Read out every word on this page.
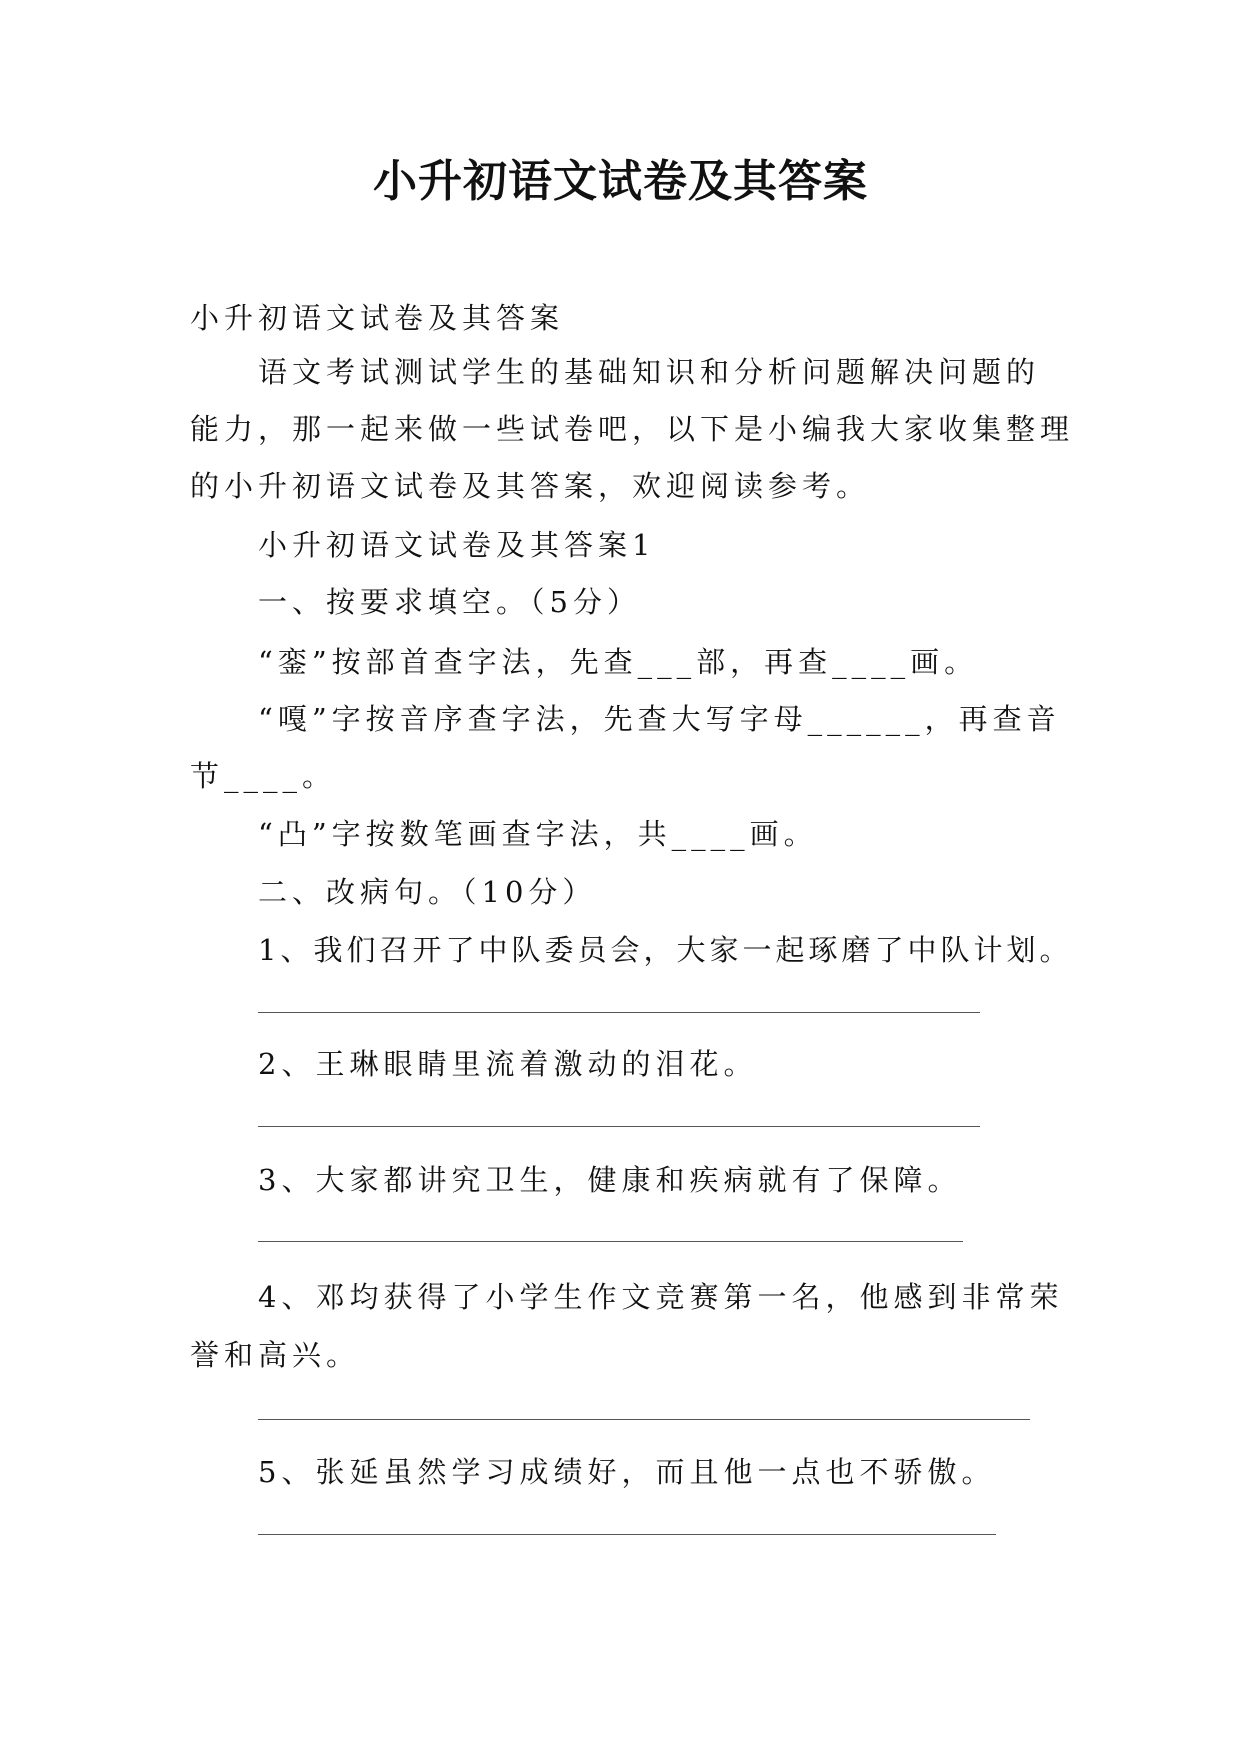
小升初语文试卷及其答案
小升初语文试卷及其答案
语文考试测试学生的基础知识和分析问题解决问题的
能力，那一起来做一些试卷吧，以下是小编我大家收集整理
的小升初语文试卷及其答案，欢迎阅读参考。
小升初语文试卷及其答案1
一、按要求填空。（5分）
“銮”按部首查字法，先查___部，再查____画。
“嘎”字按音序查字法，先查大写字母______，再查音
节____。
“凸”字按数笔画查字法，共____画。
二、改病句。（10分）
1、我们召开了中队委员会，大家一起琢磨了中队计划。
2、王琳眼睛里流着激动的泪花。
3、大家都讲究卫生，健康和疾病就有了保障。
4、邓均获得了小学生作文竞赛第一名，他感到非常荣
誉和高兴。
5、张延虽然学习成绩好，而且他一点也不骄傲。
